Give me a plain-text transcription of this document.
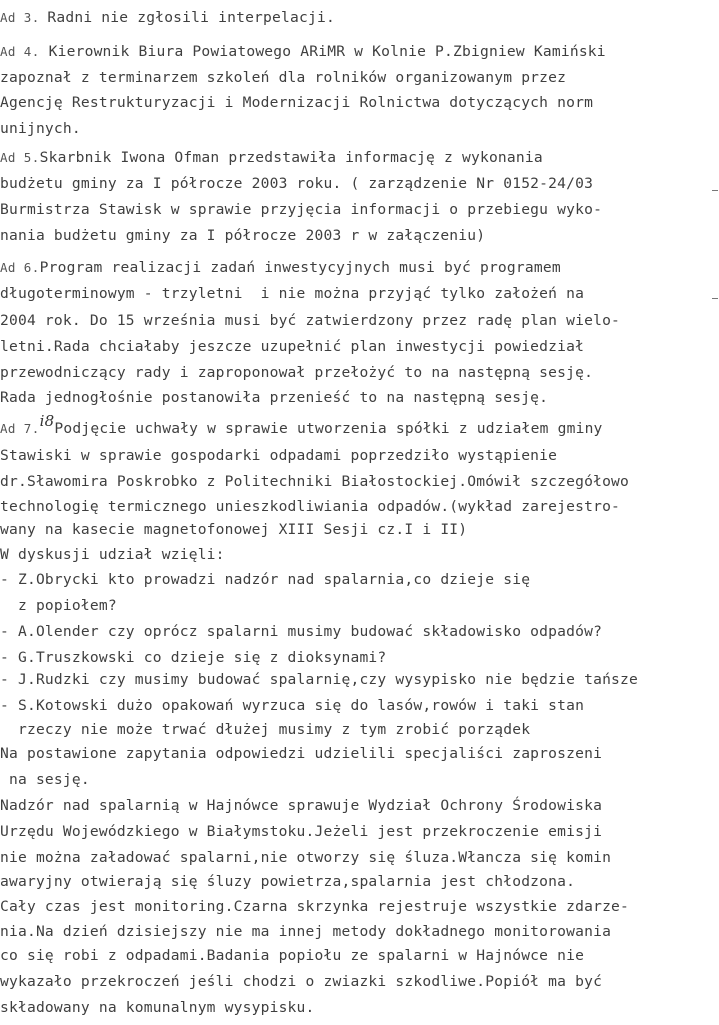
Ad 3. Radni nie zgłosili interpelacji.
Ad 4. Kierownik Biura Powiatowego ARiMR w Kolnie P.Zbigniew Kamiński
zapoznał z terminarzem szkoleń dla rolników organizowanym przez
Agencję Restrukturyzacji i Modernizacji Rolnictwa dotyczących norm
unijnych.
Ad 5.Skarbnik Iwona Ofman przedstawiła informację z wykonania
budżetu gminy za I półrocze 2003 roku. ( zarządzenie Nr 0152-24/03
Burmistrza Stawisk w sprawie przyjęcia informacji o przebiegu wyko-
nania budżetu gminy za I półrocze 2003 r w załączeniu)
Ad 6.Program realizacji zadań inwestycyjnych musi być programem
długoterminowym - trzyletni  i nie można przyjąć tylko założeń na
2004 rok. Do 15 września musi być zatwierdzony przez radę plan wielo-
letni.Rada chciałaby jeszcze uzupełnić plan inwestycji powiedział
przewodniczący rady i zaproponował przełożyć to na następną sesję.
Rada jednogłośnie postanowiła przenieść to na następną sesję.
Ad 7.i8Podjęcie uchwały w sprawie utworzenia spółki z udziałem gminy
Stawiski w sprawie gospodarki odpadami poprzedziło wystąpienie
dr.Sławomira Poskrobko z Politechniki Białostockiej.Omówił szczegółowo
technologię termicznego unieszkodliwiania odpadów.(wykład zarejestro-
wany na kasecie magnetofonowej XIII Sesji cz.I i II)
W dyskusji udział wzięli:
- Z.Obrycki kto prowadzi nadzór nad spalarnia,co dzieje się
z popiołem?
- A.Olender czy oprócz spalarni musimy budować składowisko odpadów?
- G.Truszkowski co dzieje się z dioksynami?
- J.Rudzki czy musimy budować spalarnię,czy wysypisko nie będzie tańsze
- S.Kotowski dużo opakowań wyrzuca się do lasów,rowów i taki stan
rzeczy nie może trwać dłużej musimy z tym zrobić porządek
Na postawione zapytania odpowiedzi udzielili specjaliści zaproszeni
na sesję.
Nadzór nad spalarnią w Hajnówce sprawuje Wydział Ochrony Środowiska
Urzędu Wojewódzkiego w Białymstoku.Jeżeli jest przekroczenie emisji
nie można załadować spalarni,nie otworzy się śluza.Włancza się komin
awaryjny otwierają się śluzy powietrza,spalarnia jest chłodzona.
Cały czas jest monitoring.Czarna skrzynka rejestruje wszystkie zdarze-
nia.Na dzień dzisiejszy nie ma innej metody dokładnego monitorowania
co się robi z odpadami.Badania popiołu ze spalarni w Hajnówce nie
wykazało przekroczeń jeśli chodzi o zwiazki szkodliwe.Popiół ma być
składowany na komunalnym wysypisku.
